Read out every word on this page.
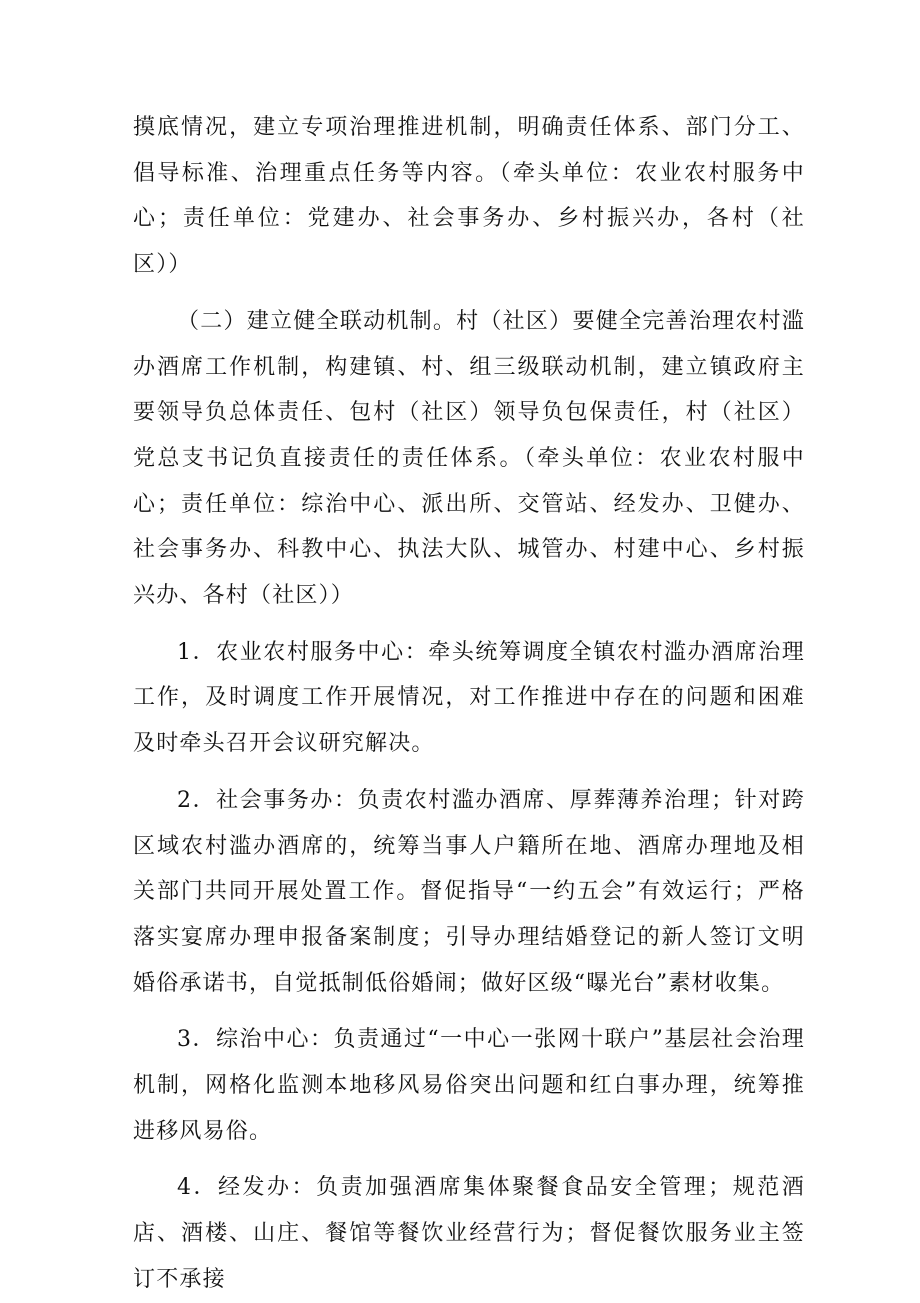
摸底情况，建立专项治理推进机制，明确责任体系、部门分工、倡导标准、治理重点任务等内容。（牵头单位：农业农村服务中心；责任单位：党建办、社会事务办、乡村振兴办，各村（社区））

（二）建立健全联动机制。村（社区）要健全完善治理农村滥办酒席工作机制，构建镇、村、组三级联动机制，建立镇政府主要领导负总体责任、包村（社区）领导负包保责任，村（社区）党总支书记负直接责任的责任体系。（牵头单位：农业农村服中心；责任单位：综治中心、派出所、交管站、经发办、卫健办、社会事务办、科教中心、执法大队、城管办、村建中心、乡村振兴办、各村（社区））

1．农业农村服务中心：牵头统筹调度全镇农村滥办酒席治理工作，及时调度工作开展情况，对工作推进中存在的问题和困难及时牵头召开会议研究解决。

2．社会事务办：负责农村滥办酒席、厚葬薄养治理；针对跨区域农村滥办酒席的，统筹当事人户籍所在地、酒席办理地及相关部门共同开展处置工作。督促指导“一约五会”有效运行；严格落实宴席办理申报备案制度；引导办理结婚登记的新人签订文明婚俗承诺书，自觉抵制低俗婚闹；做好区级“曝光台”素材收集。

3．综治中心：负责通过“一中心一张网十联户”基层社会治理机制，网格化监测本地移风易俗突出问题和红白事办理，统筹推进移风易俗。

4．经发办：负责加强酒席集体聚餐食品安全管理；规范酒店、酒楼、山庄、餐馆等餐饮业经营行为；督促餐饮服务业主签订不承接
